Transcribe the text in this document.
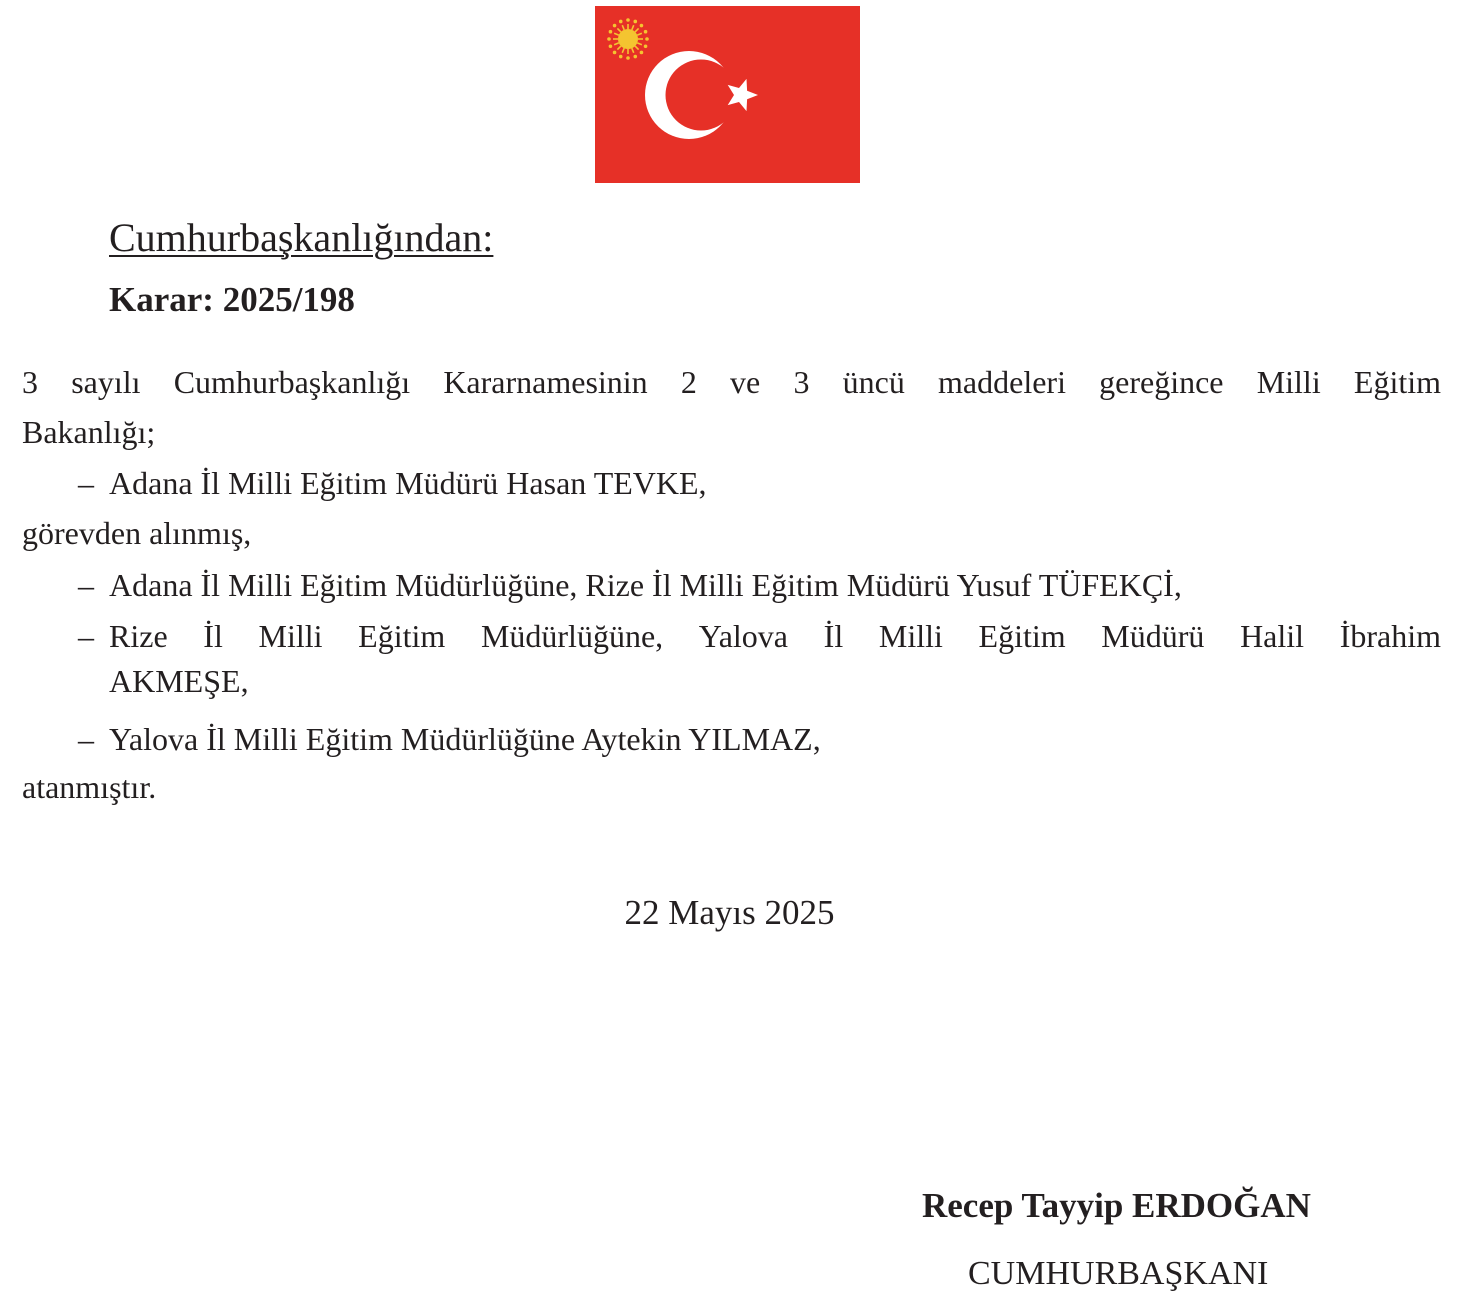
Cumhurbaşkanlığından:
Karar: 2025/198
3 sayılı Cumhurbaşkanlığı Kararnamesinin 2 ve 3 üncü maddeleri gereğince Milli Eğitim
Bakanlığı;
– Adana İl Milli Eğitim Müdürü Hasan TEVKE,
görevden alınmış,
– Adana İl Milli Eğitim Müdürlüğüne, Rize İl Milli Eğitim Müdürü Yusuf TÜFEKÇİ,
– Rize İl Milli Eğitim Müdürlüğüne, Yalova İl Milli Eğitim Müdürü Halil İbrahim
AKMEŞE,
– Yalova İl Milli Eğitim Müdürlüğüne Aytekin YILMAZ,
atanmıştır.
22 Mayıs 2025
Recep Tayyip ERDOĞAN
CUMHURBAŞKANI
